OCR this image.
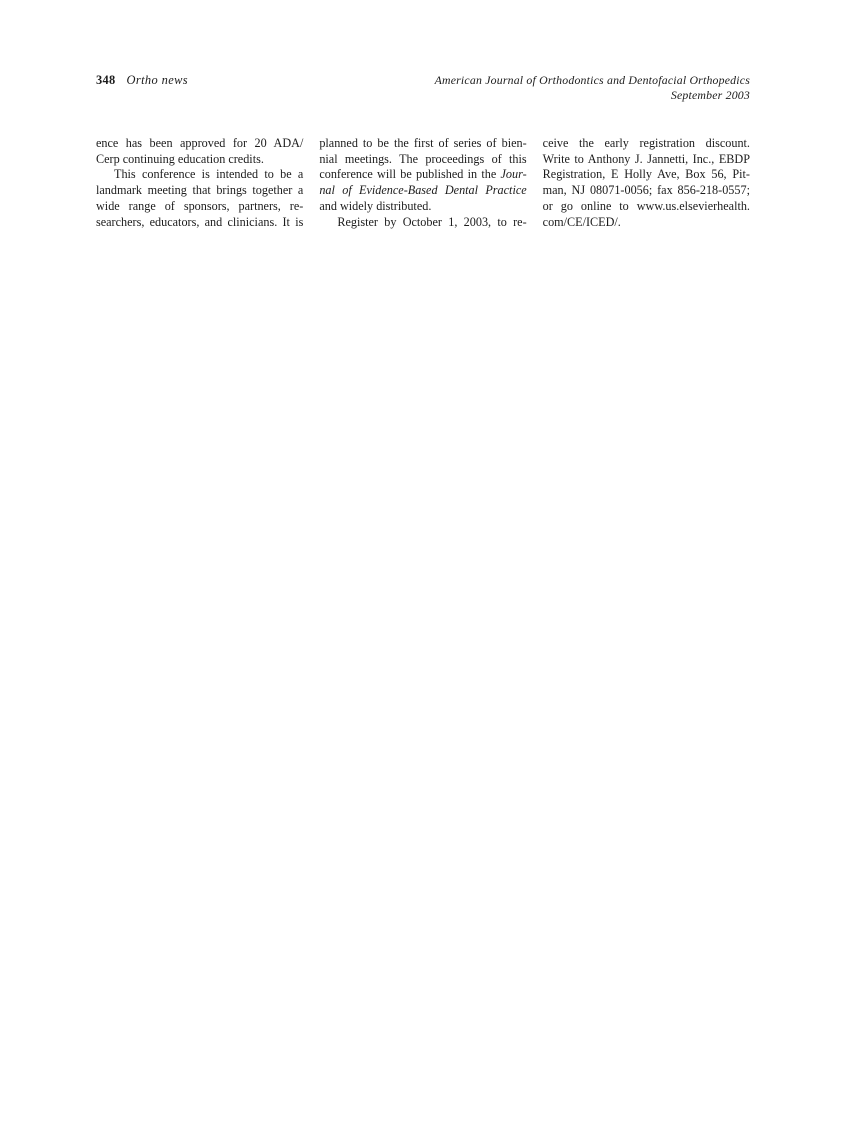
348 Ortho news	American Journal of Orthodontics and Dentofacial Orthopedics
September 2003
ence has been approved for 20 ADA/
Cerp continuing education credits.
This conference is intended to be a
landmark meeting that brings together a
wide range of sponsors, partners, re-
searchers, educators, and clinicians. It is
planned to be the first of series of bien-
nial meetings. The proceedings of this
conference will be published in the Jour-
nal of Evidence-Based Dental Practice
and widely distributed.
Register by October 1, 2003, to re-
ceive the early registration discount.
Write to Anthony J. Jannetti, Inc., EBDP
Registration, E Holly Ave, Box 56, Pit-
man, NJ 08071-0056; fax 856-218-0557;
or go online to www.us.elsevierhealth.
com/CE/ICED/.
